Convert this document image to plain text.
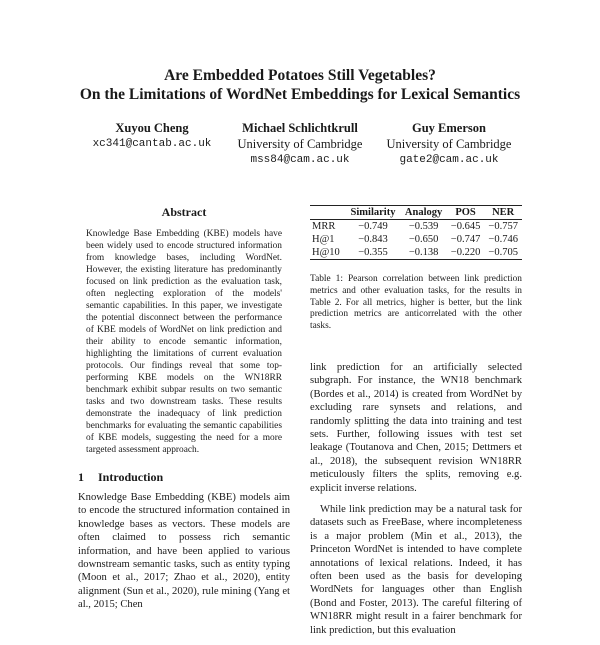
Are Embedded Potatoes Still Vegetables?
On the Limitations of WordNet Embeddings for Lexical Semantics
Xuyou Cheng
xc341@cantab.ac.uk
Michael Schlichtkrull
University of Cambridge
mss84@cam.ac.uk
Guy Emerson
University of Cambridge
gate2@cam.ac.uk
Abstract
Knowledge Base Embedding (KBE) models have been widely used to encode structured information from knowledge bases, including WordNet. However, the existing literature has predominantly focused on link prediction as the evaluation task, often neglecting exploration of the models' semantic capabilities. In this paper, we investigate the potential disconnect between the performance of KBE models of WordNet on link prediction and their ability to encode semantic information, highlighting the limitations of current evaluation protocols. Our findings reveal that some top-performing KBE models on the WN18RR benchmark exhibit subpar results on two semantic tasks and two downstream tasks. These results demonstrate the inadequacy of link prediction benchmarks for evaluating the semantic capabilities of KBE models, suggesting the need for a more targeted assessment approach.
1 Introduction
Knowledge Base Embedding (KBE) models aim to encode the structured information contained in knowledge bases as vectors. These models are often claimed to possess rich semantic information, and have been applied to various downstream semantic tasks, such as entity typing (Moon et al., 2017; Zhao et al., 2020), entity alignment (Sun et al., 2020), rule mining (Yang et al., 2015; Chen
	Similarity	Analogy	POS	NER
MRR	−0.749	−0.539	−0.645	−0.757
H@1	−0.843	−0.650	−0.747	−0.746
H@10	−0.355	−0.138	−0.220	−0.705
Table 1: Pearson correlation between link prediction metrics and other evaluation tasks, for the results in Table 2. For all metrics, higher is better, but the link prediction metrics are anticorrelated with the other tasks.

link prediction for an artificially selected subgraph. For instance, the WN18 benchmark (Bordes et al., 2014) is created from WordNet by excluding rare synsets and relations, and randomly splitting the data into training and test sets. Further, following issues with test set leakage (Toutanova and Chen, 2015; Dettmers et al., 2018), the subsequent revision WN18RR meticulously filters the splits, removing e.g. explicit inverse relations.

While link prediction may be a natural task for datasets such as FreeBase, where incompleteness is a major problem (Min et al., 2013), the Princeton WordNet is intended to have complete annotations of lexical relations. Indeed, it has often been used as the basis for developing WordNets for languages other than English (Bond and Foster, 2013). The careful filtering of WN18RR might result in a fairer benchmark for link prediction, but this evaluation
